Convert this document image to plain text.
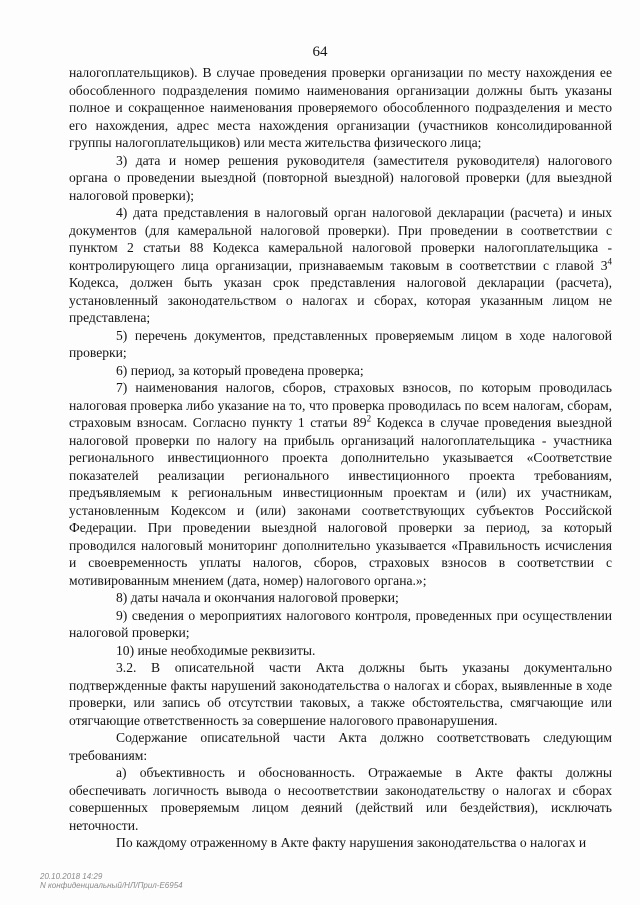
64

налогоплательщиков). В случае проведения проверки организации по месту нахождения ее обособленного подразделения помимо наименования организации должны быть указаны полное и сокращенное наименования проверяемого обособленного подразделения и место его нахождения, адрес места нахождения организации (участников консолидированной группы налогоплательщиков) или места жительства физического лица;

3) дата и номер решения руководителя (заместителя руководителя) налогового органа о проведении выездной (повторной выездной) налоговой проверки (для выездной налоговой проверки);

4) дата представления в налоговый орган налоговой декларации (расчета) и иных документов (для камеральной налоговой проверки). При проведении в соответствии с пунктом 2 статьи 88 Кодекса камеральной налоговой проверки налогоплательщика - контролирующего лица организации, признаваемым таковым в соответствии с главой $3^4$ Кодекса, должен быть указан срок представления налоговой декларации (расчета), установленный законодательством о налогах и сборах, которая указанным лицом не представлена;

5) перечень документов, представленных проверяемым лицом в ходе налоговой проверки;

6) период, за который проведена проверка;

7) наименования налогов, сборов, страховых взносов, по которым проводилась налоговая проверка либо указание на то, что проверка проводилась по всем налогам, сборам, страховым взносам. Согласно пункту 1 статьи $89^2$ Кодекса в случае проведения выездной налоговой проверки по налогу на прибыль организаций налогоплательщика - участника регионального инвестиционного проекта дополнительно указывается «Соответствие показателей реализации регионального инвестиционного проекта требованиям, предъявляемым к региональным инвестиционным проектам и (или) их участникам, установленным Кодексом и (или) законами соответствующих субъектов Российской Федерации. При проведении выездной налоговой проверки за период, за который проводился налоговый мониторинг дополнительно указывается «Правильность исчисления и своевременность уплаты налогов, сборов, страховых взносов в соответствии с мотивированным мнением (дата, номер) налогового органа.»;

8) даты начала и окончания налоговой проверки;

9) сведения о мероприятиях налогового контроля, проведенных при осуществлении налоговой проверки;

10) иные необходимые реквизиты.

3.2. В описательной части Акта должны быть указаны документально подтвержденные факты нарушений законодательства о налогах и сборах, выявленные в ходе проверки, или запись об отсутствии таковых, а также обстоятельства, смягчающие или отягчающие ответственность за совершение налогового правонарушения.

Содержание описательной части Акта должно соответствовать следующим требованиям:

а) объективность и обоснованность. Отражаемые в Акте факты должны обеспечивать логичность вывода о несоответствии законодательству о налогах и сборах совершенных проверяемым лицом деяний (действий или бездействия), исключать неточности.

По каждому отраженному в Акте факту нарушения законодательства о налогах и

20.10.2018 14:29
N конфиденциальный/НЛ/Прил-Е6954
